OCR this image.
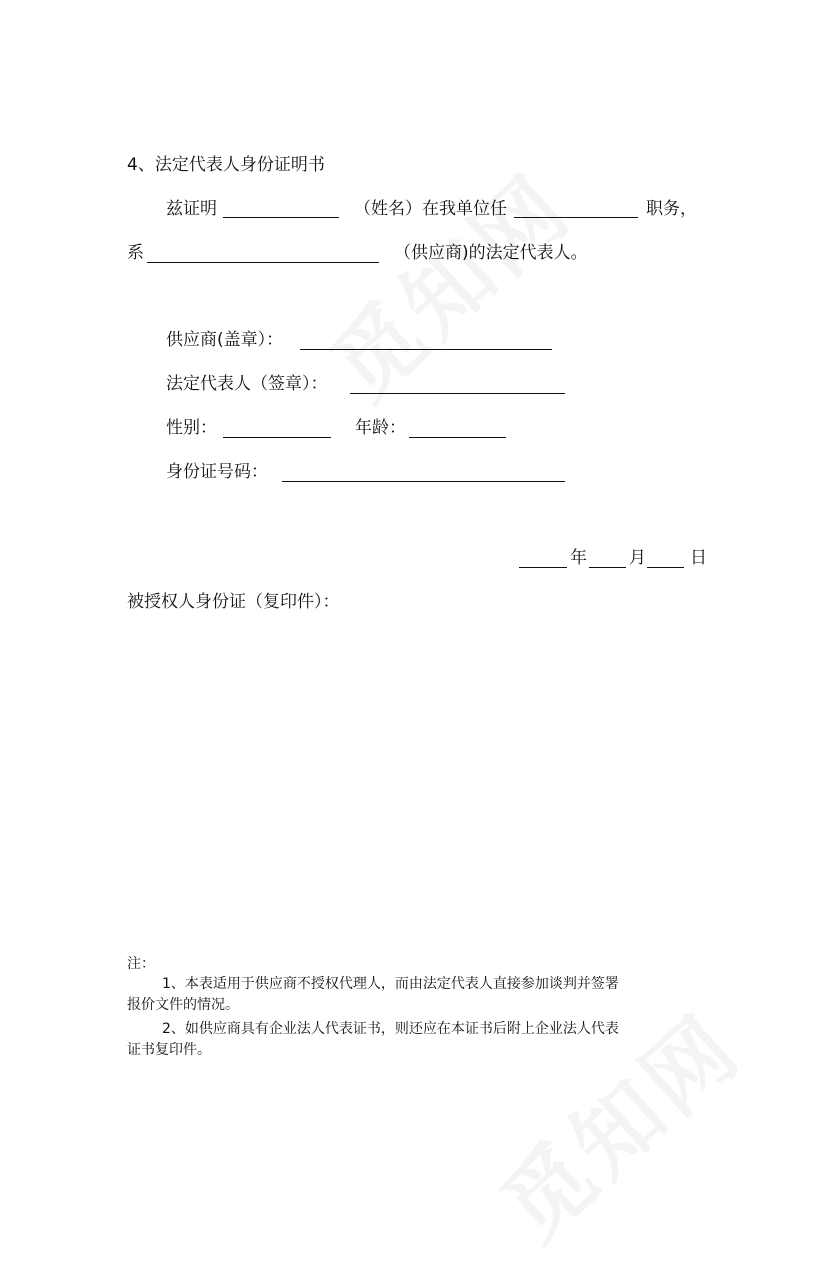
4、法定代表人身份证明书
兹证明	（姓名）在我单位任	职务，
系	（供应商)的法定代表人。
供应商(盖章）：
法定代表人（签章）：
性别：	年龄：
身份证号码：
年 月	日
被授权人身份证（复印件）：
注：
1、本表适用于供应商不授权代理人，而由法定代表人直接参加谈判并签署
报价文件的情况。
2、如供应商具有企业法人代表证书，则还应在本证书后附上企业法人代表
证书复印件。
